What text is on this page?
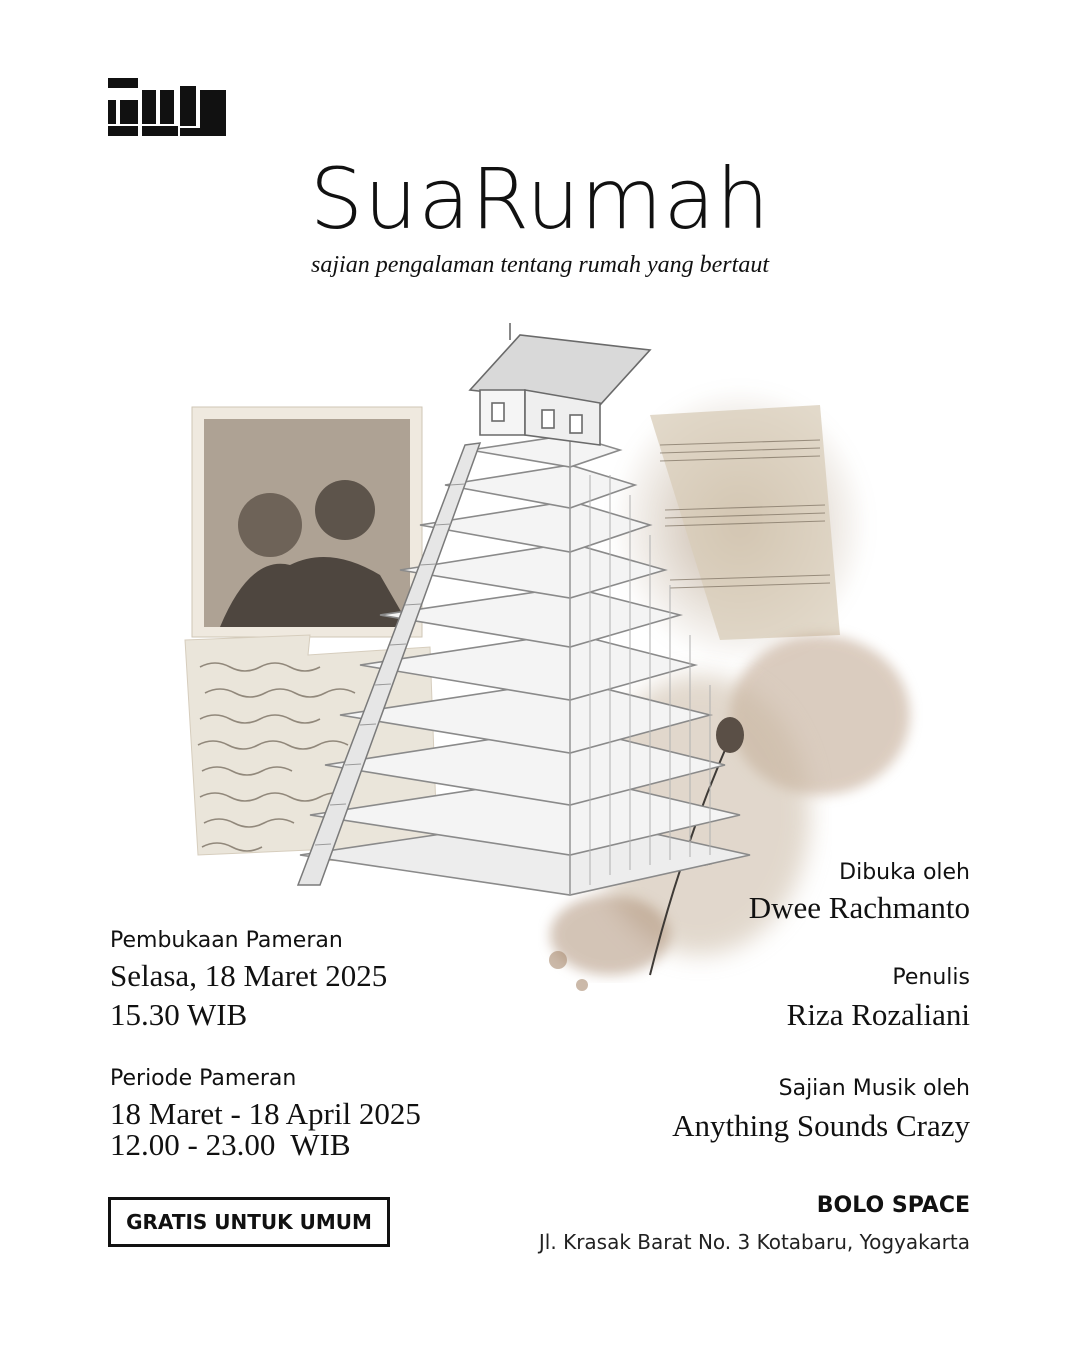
SuaRumah
sajian pengalaman tentang rumah yang bertaut
Pembukaan Pameran
Selasa, 18 Maret 2025
15.30 WIB
Periode Pameran
18 Maret - 18 April 2025
12.00 - 23.00  WIB
Dibuka oleh
Dwee Rachmanto
Penulis
Riza Rozaliani
Sajian Musik oleh
Anything Sounds Crazy
GRATIS UNTUK UMUM
BOLO SPACE
Jl. Krasak Barat No. 3 Kotabaru, Yogyakarta
